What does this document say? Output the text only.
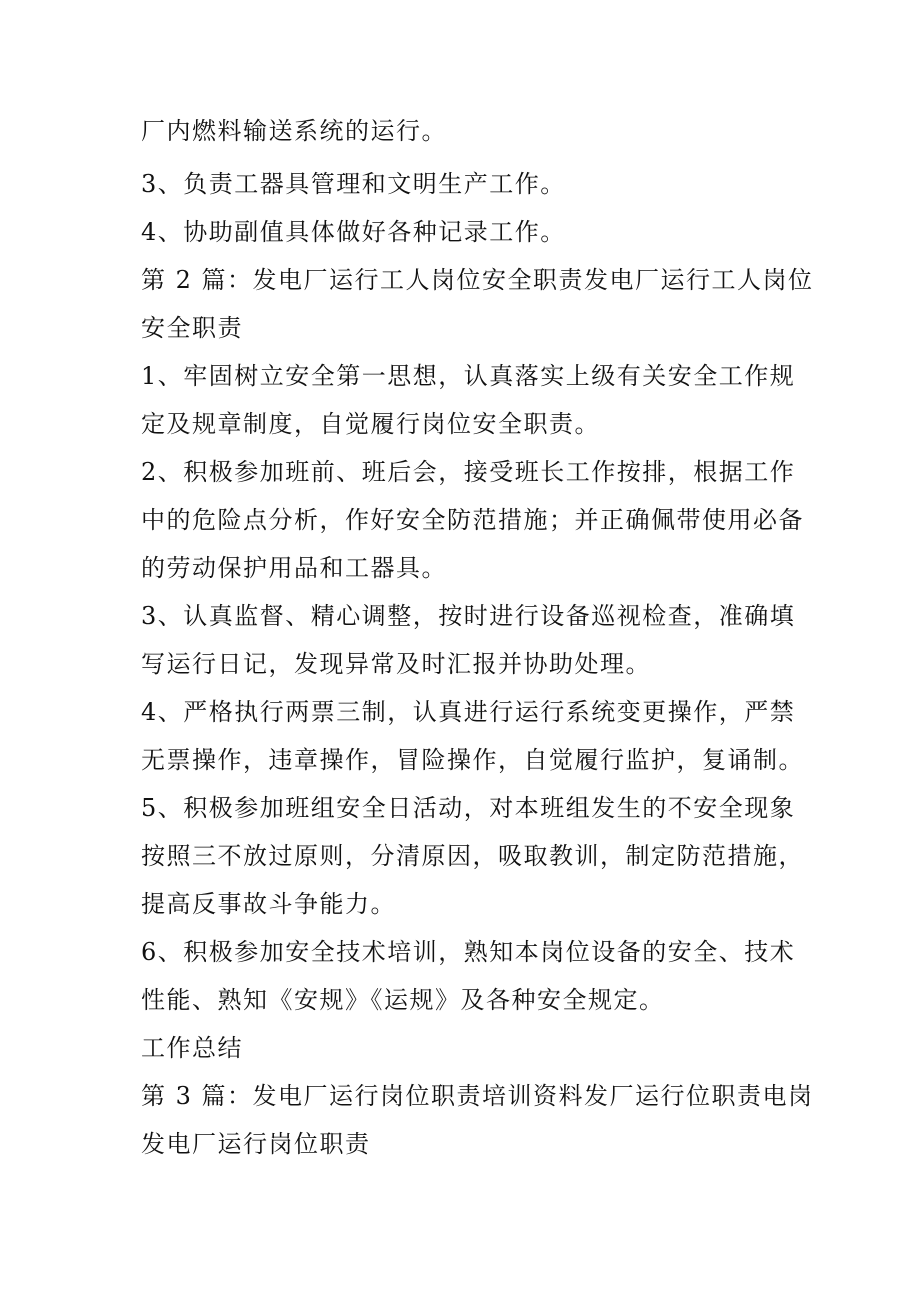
厂内燃料输送系统的运行。
3、负责工器具管理和文明生产工作。
4、协助副值具体做好各种记录工作。
第 2 篇：发电厂运行工人岗位安全职责发电厂运行工人岗位
安全职责
1、牢固树立安全第一思想，认真落实上级有关安全工作规
定及规章制度，自觉履行岗位安全职责。
2、积极参加班前、班后会，接受班长工作按排，根据工作
中的危险点分析，作好安全防范措施；并正确佩带使用必备
的劳动保护用品和工器具。
3、认真监督、精心调整，按时进行设备巡视检查，准确填
写运行日记，发现异常及时汇报并协助处理。
4、严格执行两票三制，认真进行运行系统变更操作，严禁
无票操作，违章操作，冒险操作，自觉履行监护，复诵制。
5、积极参加班组安全日活动，对本班组发生的不安全现象
按照三不放过原则，分清原因，吸取教训，制定防范措施，
提高反事故斗争能力。
6、积极参加安全技术培训，熟知本岗位设备的安全、技术
性能、熟知《安规》《运规》及各种安全规定。
工作总结
第 3 篇：发电厂运行岗位职责培训资料发厂运行位职责电岗
发电厂运行岗位职责
